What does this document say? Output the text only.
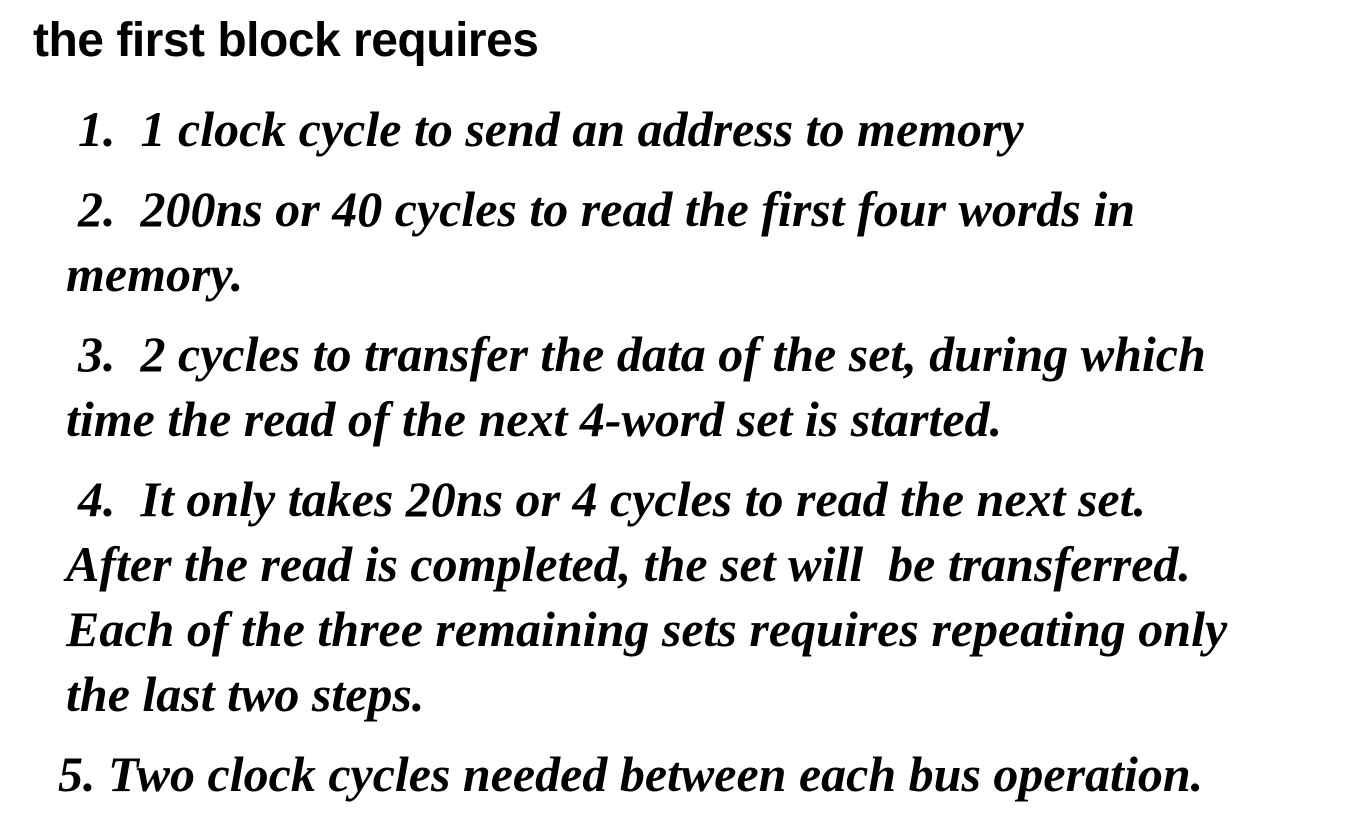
the first block requires

1.  1 clock cycle to send an address to memory

2.  200ns or 40 cycles to read the first four words in
memory.

3.  2 cycles to transfer the data of the set, during which
time the read of the next 4-word set is started.

4.  It only takes 20ns or 4 cycles to read the next set.
After the read is completed, the set will  be transferred.
Each of the three remaining sets requires repeating only
the last two steps.

5. Two clock cycles needed between each bus operation.
